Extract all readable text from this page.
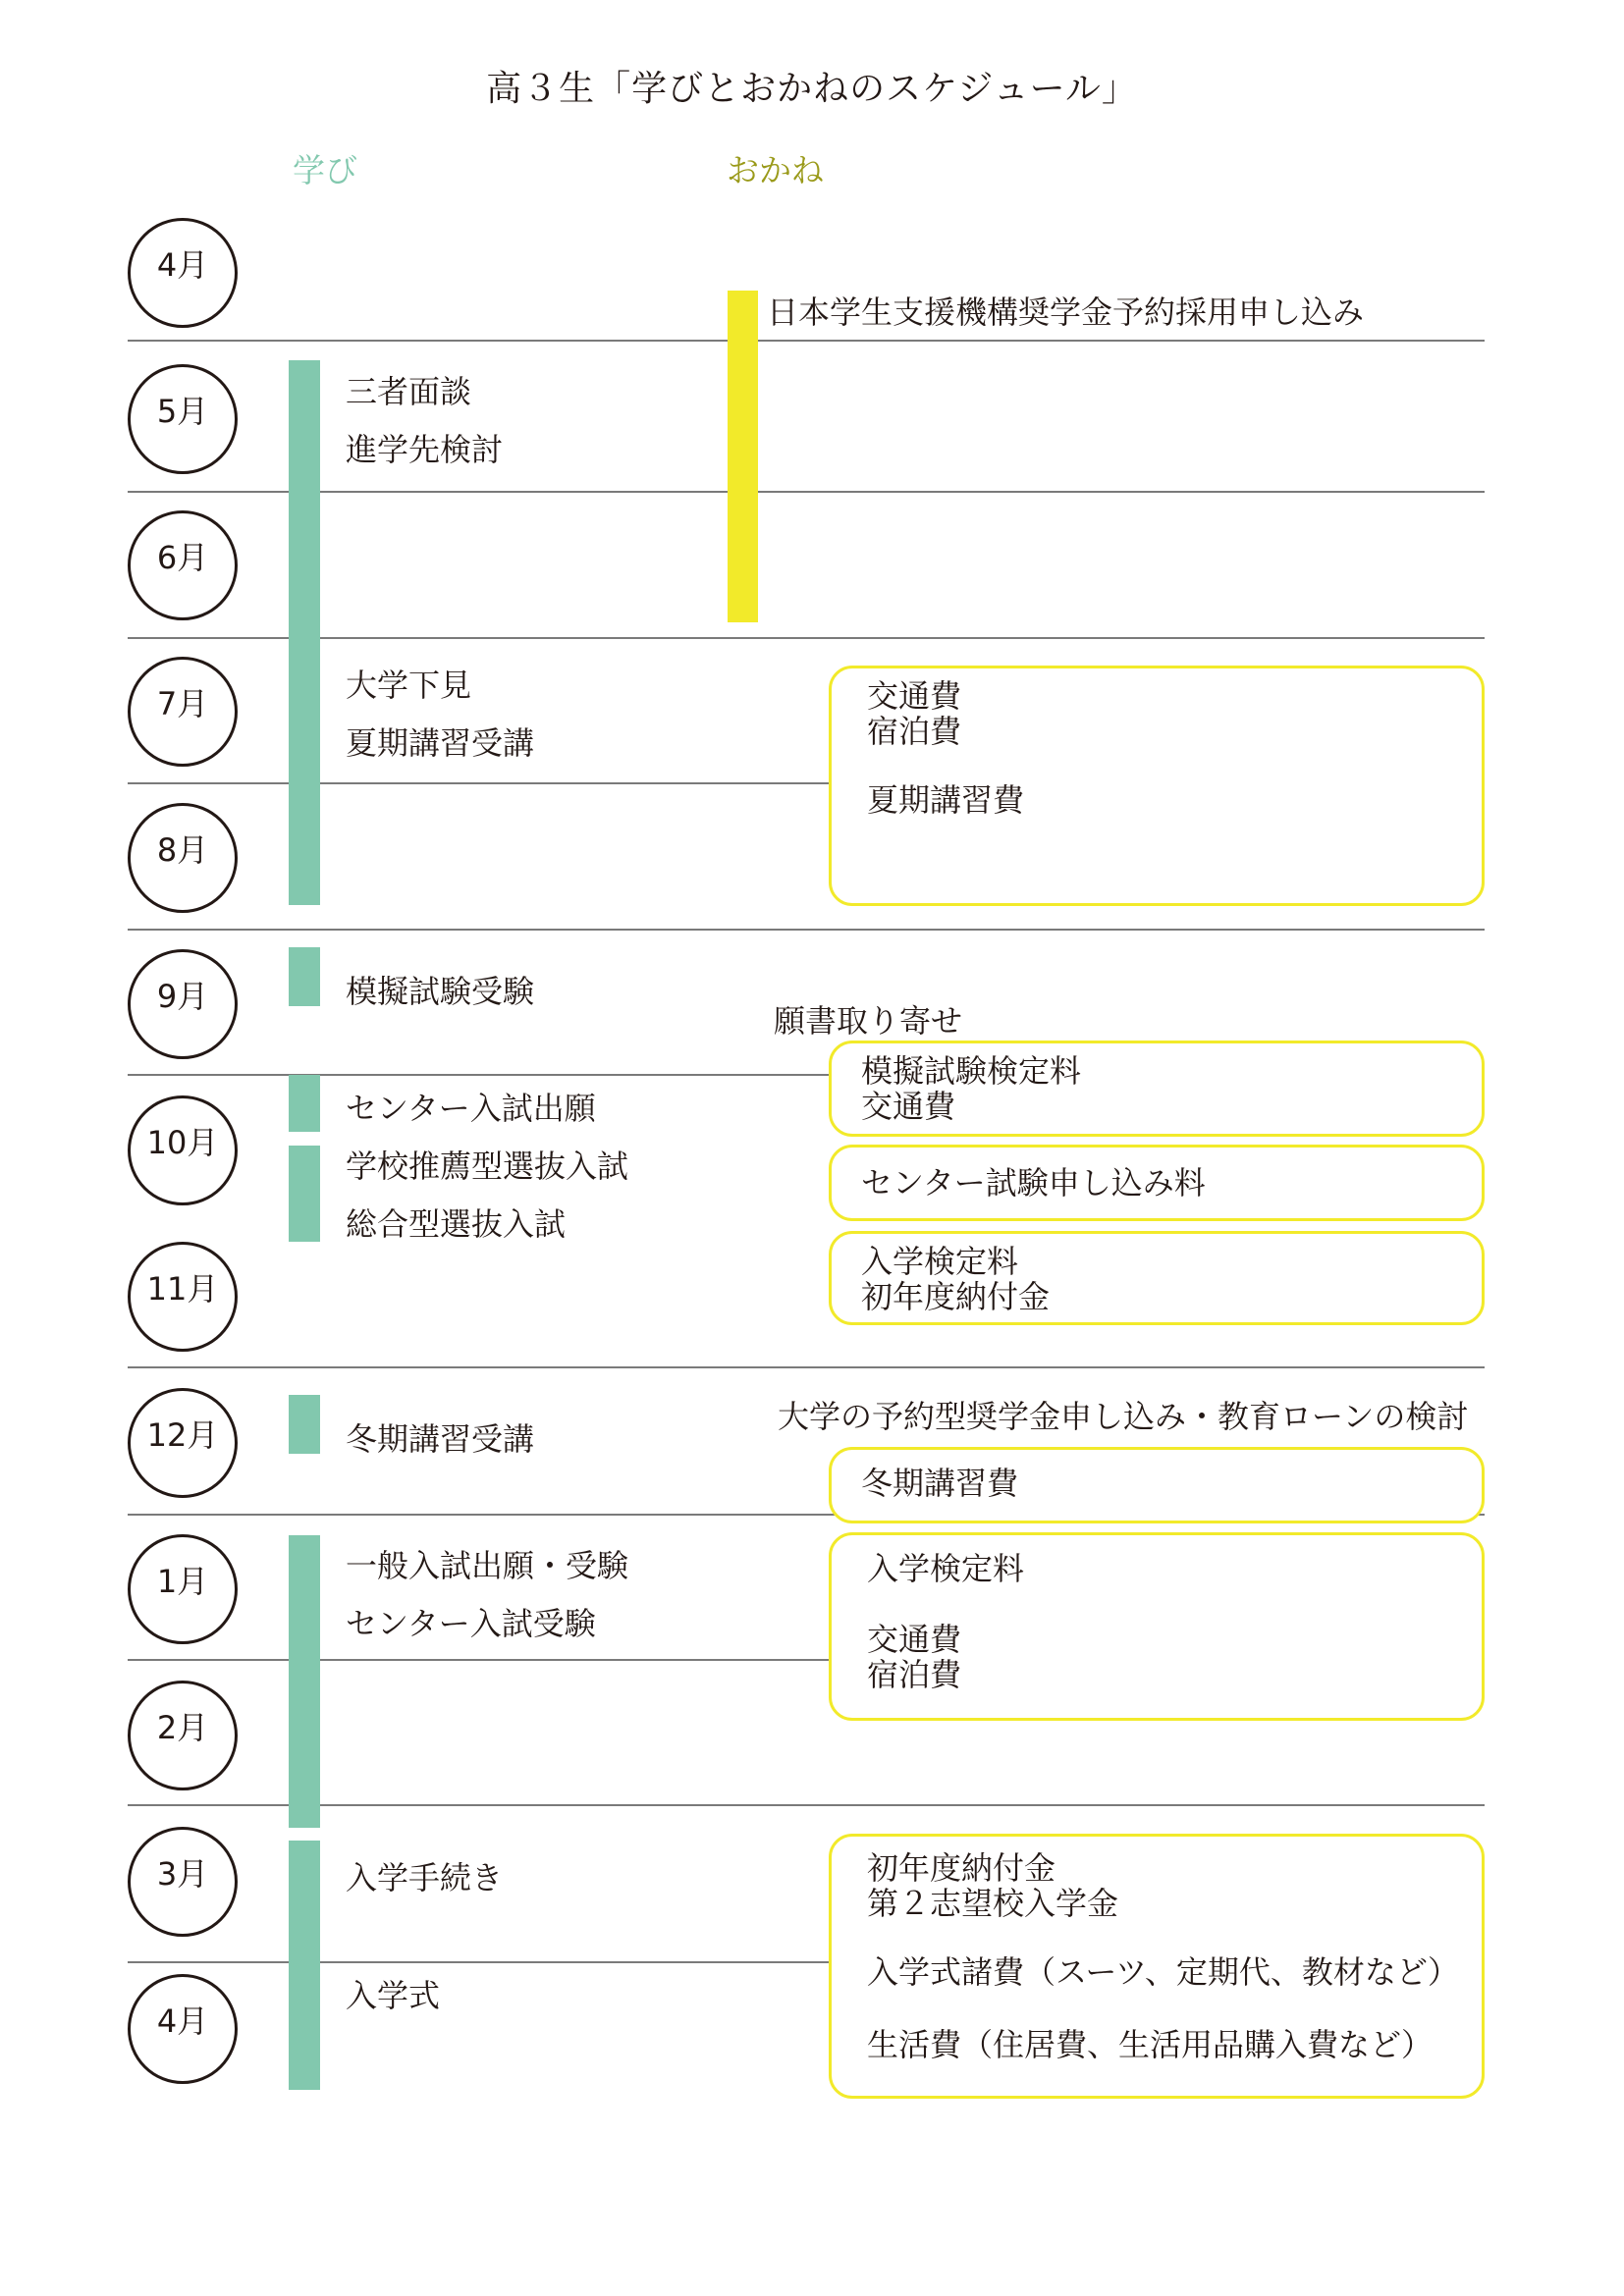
高３生「学びとおかねのスケジュール」
学び	おかね
4月
5月
6月
7月
8月
9月
10月
11月
12月
1月
2月
3月
4月
三者面談
進学先検討
大学下見
夏期講習受講
模擬試験受験
センター入試出願
学校推薦型選抜入試
総合型選抜入試
冬期講習受講
一般入試出願・受験
センター入試受験
入学手続き
入学式
日本学生支援機構奨学金予約採用申し込み
願書取り寄せ
大学の予約型奨学金申し込み・教育ローンの検討
交通費
宿泊費
夏期講習費
模擬試験検定料
交通費
センター試験申し込み料
入学検定料
初年度納付金
冬期講習費
入学検定料
交通費
宿泊費
初年度納付金
第２志望校入学金
入学式諸費（スーツ、定期代、教材など）
生活費（住居費、生活用品購入費など）
